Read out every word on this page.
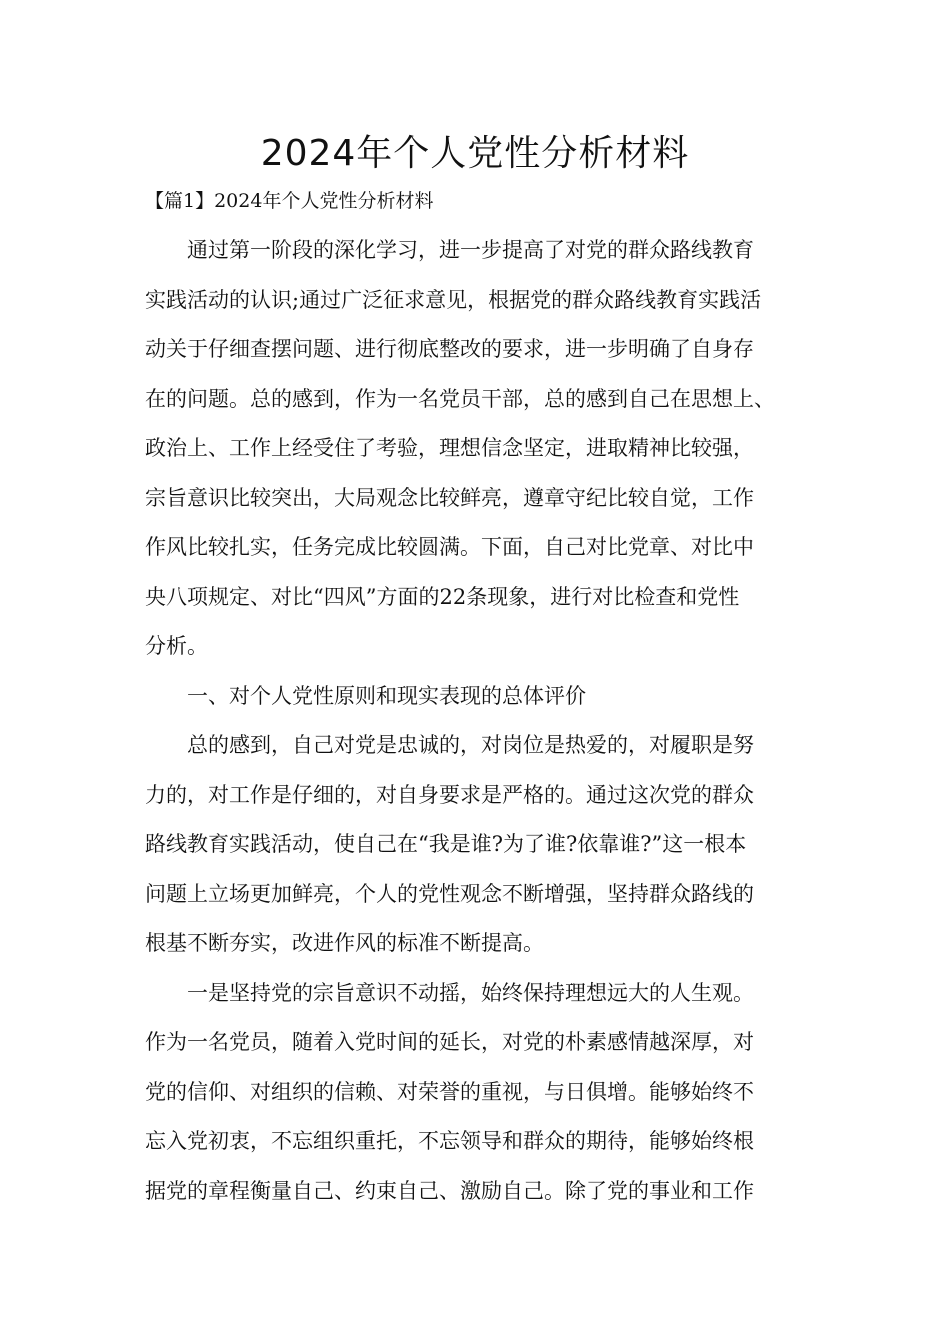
2024年个人党性分析材料

【篇1】2024年个人党性分析材料

　　通过第一阶段的深化学习，进一步提高了对党的群众路线教育
实践活动的认识;通过广泛征求意见，根据党的群众路线教育实践活
动关于仔细查摆问题、进行彻底整改的要求，进一步明确了自身存
在的问题。总的感到，作为一名党员干部，总的感到自己在思想上、
政治上、工作上经受住了考验，理想信念坚定，进取精神比较强，
宗旨意识比较突出，大局观念比较鲜亮，遵章守纪比较自觉，工作
作风比较扎实，任务完成比较圆满。下面，自己对比党章、对比中
央八项规定、对比“四风”方面的22条现象，进行对比检查和党性
分析。
　　一、对个人党性原则和现实表现的总体评价
　　总的感到，自己对党是忠诚的，对岗位是热爱的，对履职是努
力的，对工作是仔细的，对自身要求是严格的。通过这次党的群众
路线教育实践活动，使自己在“我是谁?为了谁?依靠谁?”这一根本
问题上立场更加鲜亮，个人的党性观念不断增强，坚持群众路线的
根基不断夯实，改进作风的标准不断提高。
　　一是坚持党的宗旨意识不动摇，始终保持理想远大的人生观。
作为一名党员，随着入党时间的延长，对党的朴素感情越深厚，对
党的信仰、对组织的信赖、对荣誉的重视，与日俱增。能够始终不
忘入党初衷，不忘组织重托，不忘领导和群众的期待，能够始终根
据党的章程衡量自己、约束自己、激励自己。除了党的事业和工作
